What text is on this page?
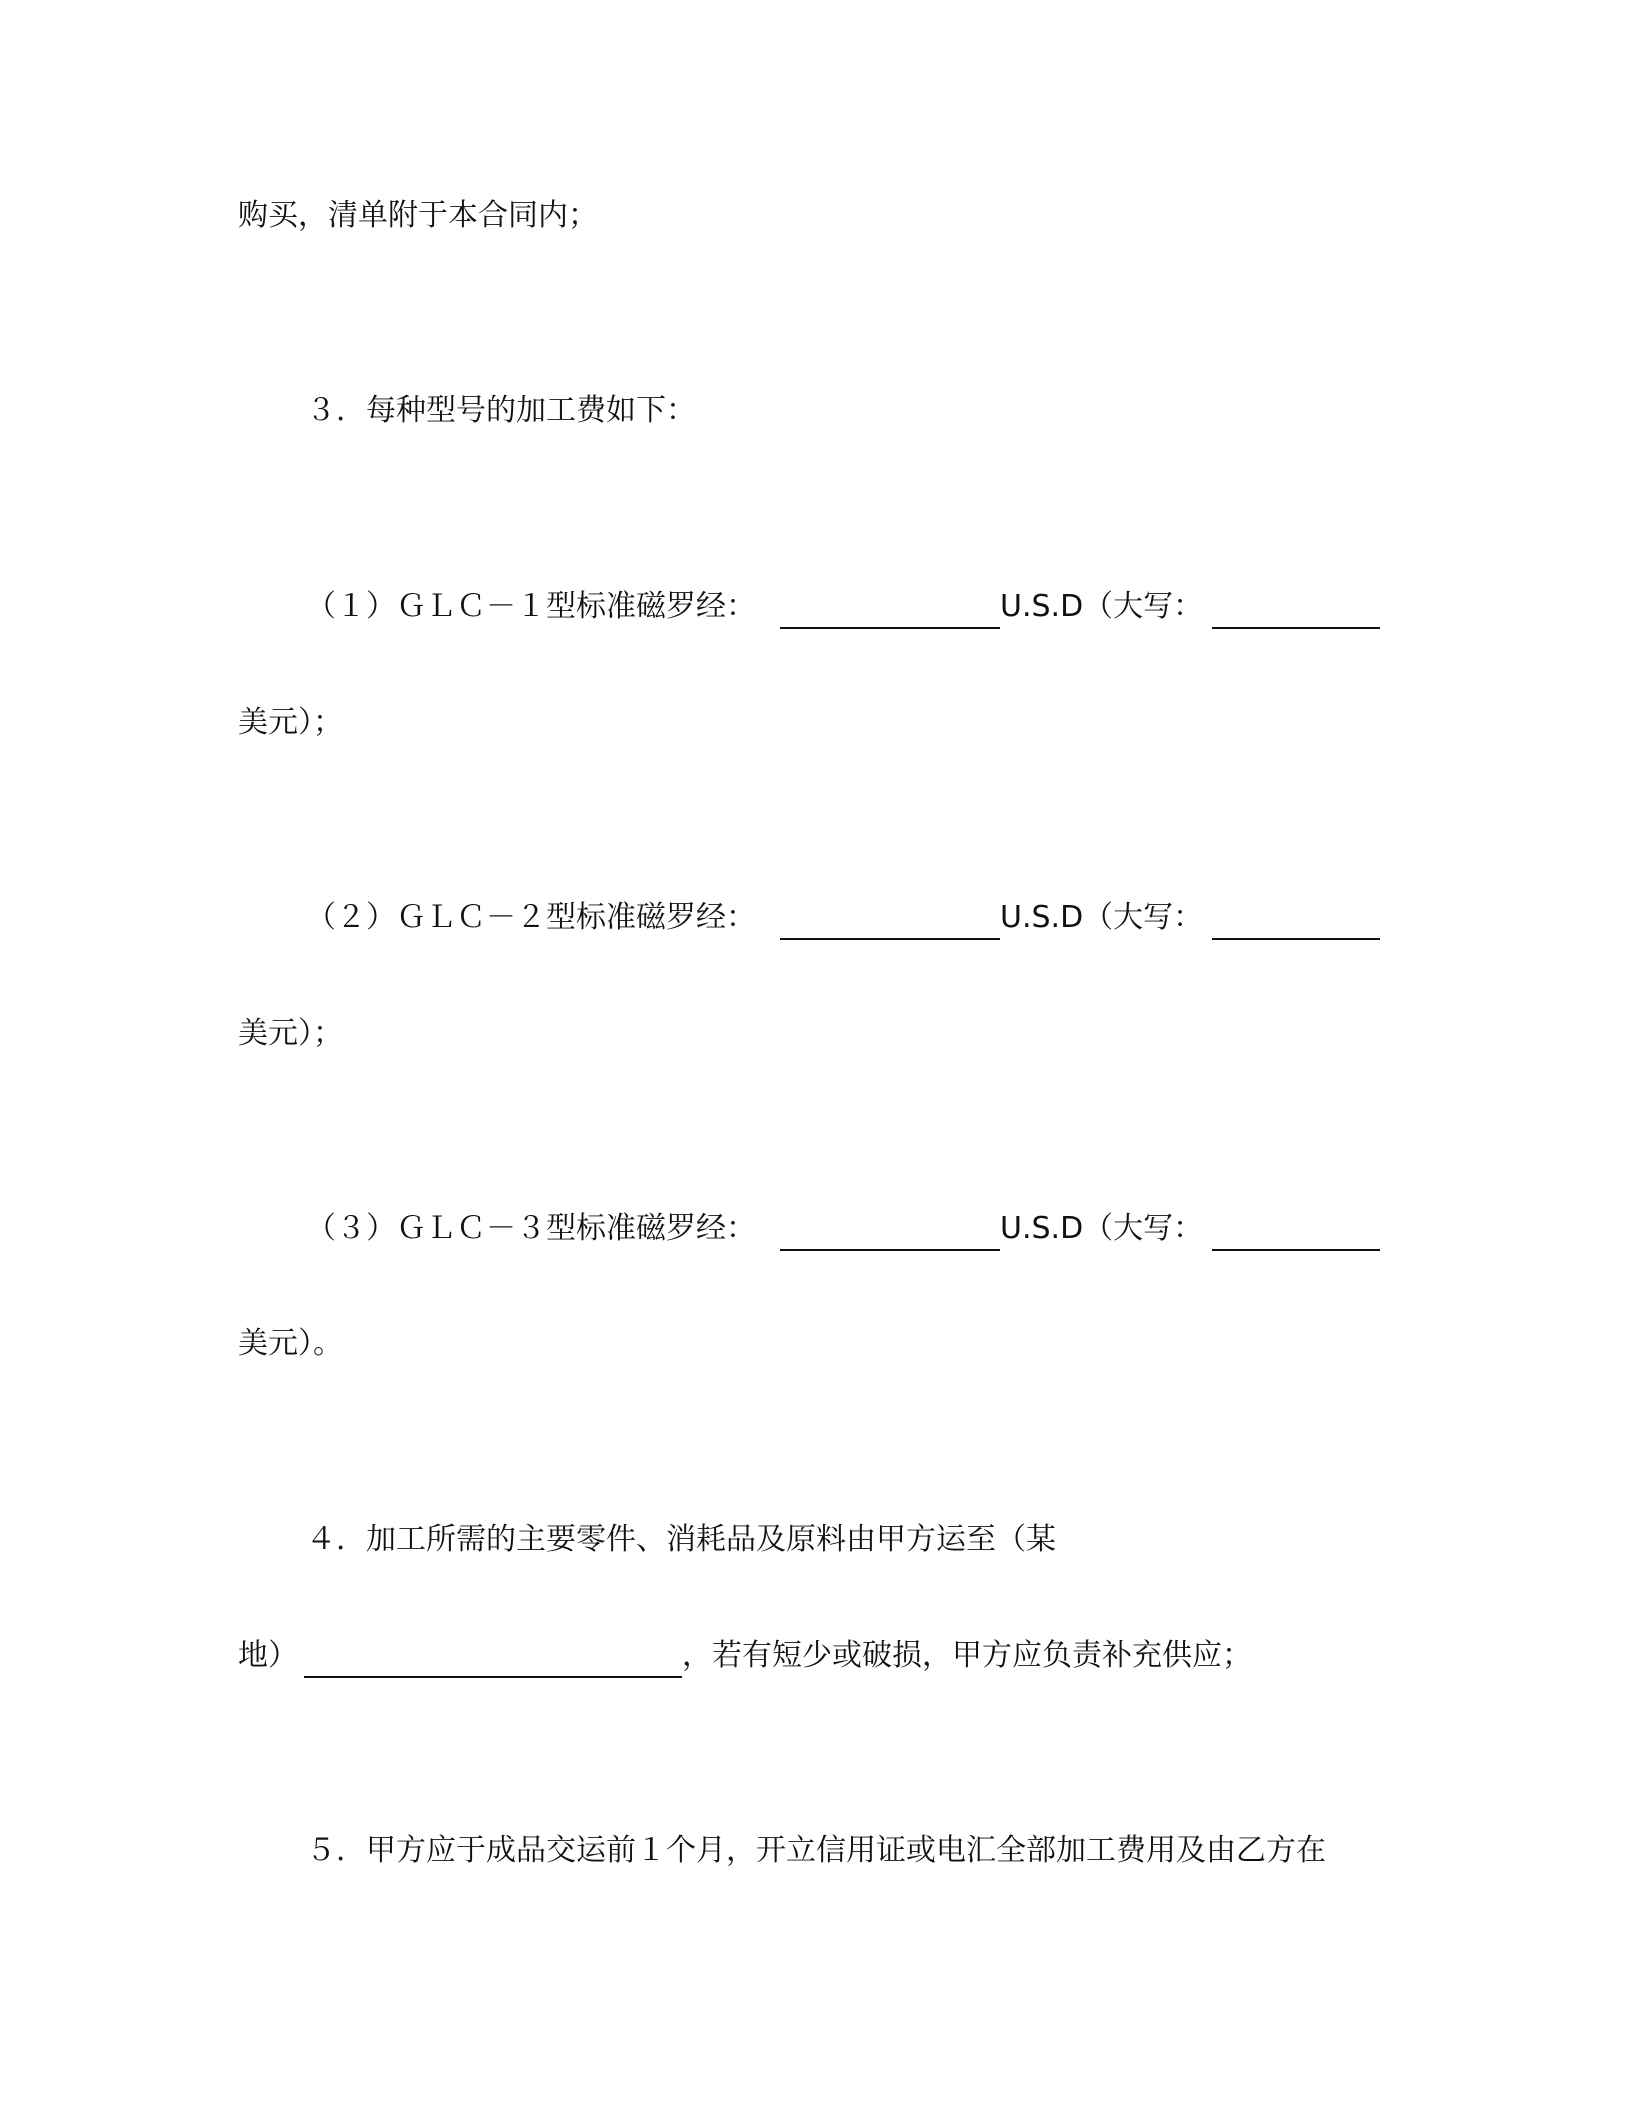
购买，清单附于本合同内；
３．每种型号的加工费如下：
（１）ＧＬＣ－１型标准磁罗经：	U.S.D（大写：
美元）；
（２）ＧＬＣ－２型标准磁罗经：	U.S.D（大写：
美元）；
（３）ＧＬＣ－３型标准磁罗经：	U.S.D（大写：
美元）。
４．加工所需的主要零件、消耗品及原料由甲方运至（某
地）	，若有短少或破损，甲方应负责补充供应；
５．甲方应于成品交运前１个月，开立信用证或电汇全部加工费用及由乙方在
